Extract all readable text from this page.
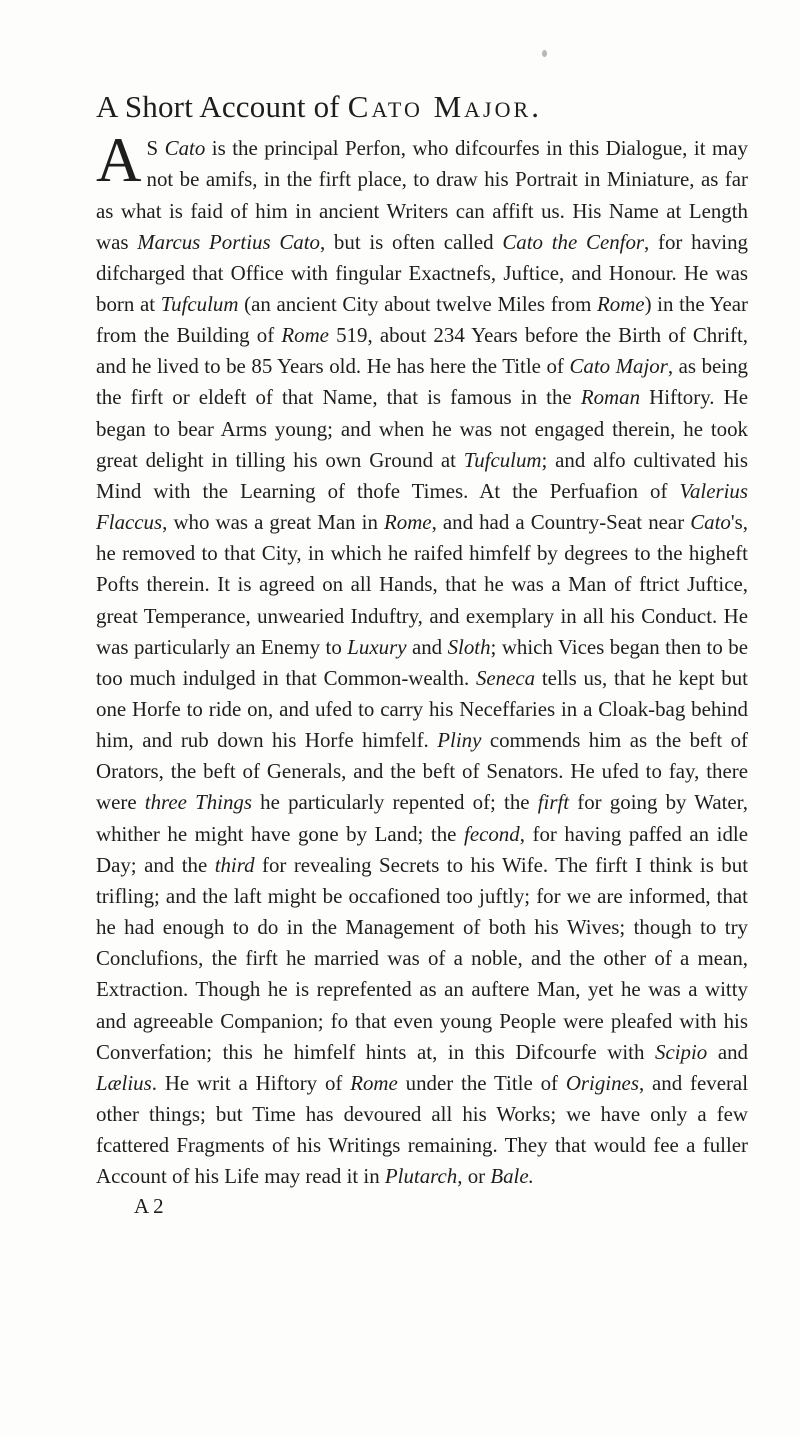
A Short Account of Cato Major.

A S Cato is the principal Perfon, who difcourfes in this Dialogue, it may not be amifs, in the firft place, to draw his Portrait in Miniature, as far as what is faid of him in ancient Writers can affift us. His Name at Length was Marcus Portius Cato, but is often called Cato the Cenfor, for having difcharged that Office with fingular Exactnefs, Juftice, and Honour. He was born at Tufculum (an ancient City about twelve Miles from Rome) in the Year from the Building of Rome 519, about 234 Years before the Birth of Chrift, and he lived to be 85 Years old. He has here the Title of Cato Major, as being the firft or eldeft of that Name, that is famous in the Roman Hiftory. He began to bear Arms young; and when he was not engaged therein, he took great delight in tilling his own Ground at Tufculum; and alfo cultivated his Mind with the Learning of thofe Times. At the Perfuafion of Valerius Flaccus, who was a great Man in Rome, and had a Country-Seat near Cato's, he removed to that City, in which he raifed himfelf by degrees to the higheft Pofts therein. It is agreed on all Hands, that he was a Man of ftrict Juftice, great Temperance, unwearied Induftry, and exemplary in all his Conduct. He was particularly an Enemy to Luxury and Sloth; which Vices began then to be too much indulged in that Common-wealth. Seneca tells us, that he kept but one Horfe to ride on, and ufed to carry his Neceffaries in a Cloak-bag behind him, and rub down his Horfe himfelf. Pliny commends him as the beft of Orators, the beft of Generals, and the beft of Senators. He ufed to fay, there were three Things he particularly repented of; the firft for going by Water, whither he might have gone by Land; the fecond, for having paffed an idle Day; and the third for revealing Secrets to his Wife. The firft I think is but trifling; and the laft might be occafioned too juftly; for we are informed, that he had enough to do in the Management of both his Wives; though to try Conclufions, the firft he married was of a noble, and the other of a mean, Extraction. Though he is reprefented as an auftere Man, yet he was a witty and agreeable Companion; fo that even young People were pleafed with his Converfation; this he himfelf hints at, in this Difcourfe with Scipio and Lælius. He writ a Hiftory of Rome under the Title of Origines, and feveral other things; but Time has devoured all his Works; we have only a few fcattered Fragments of his Writings remaining. They that would fee a fuller Account of his Life may read it in Plutarch, or Bale.

A 2
